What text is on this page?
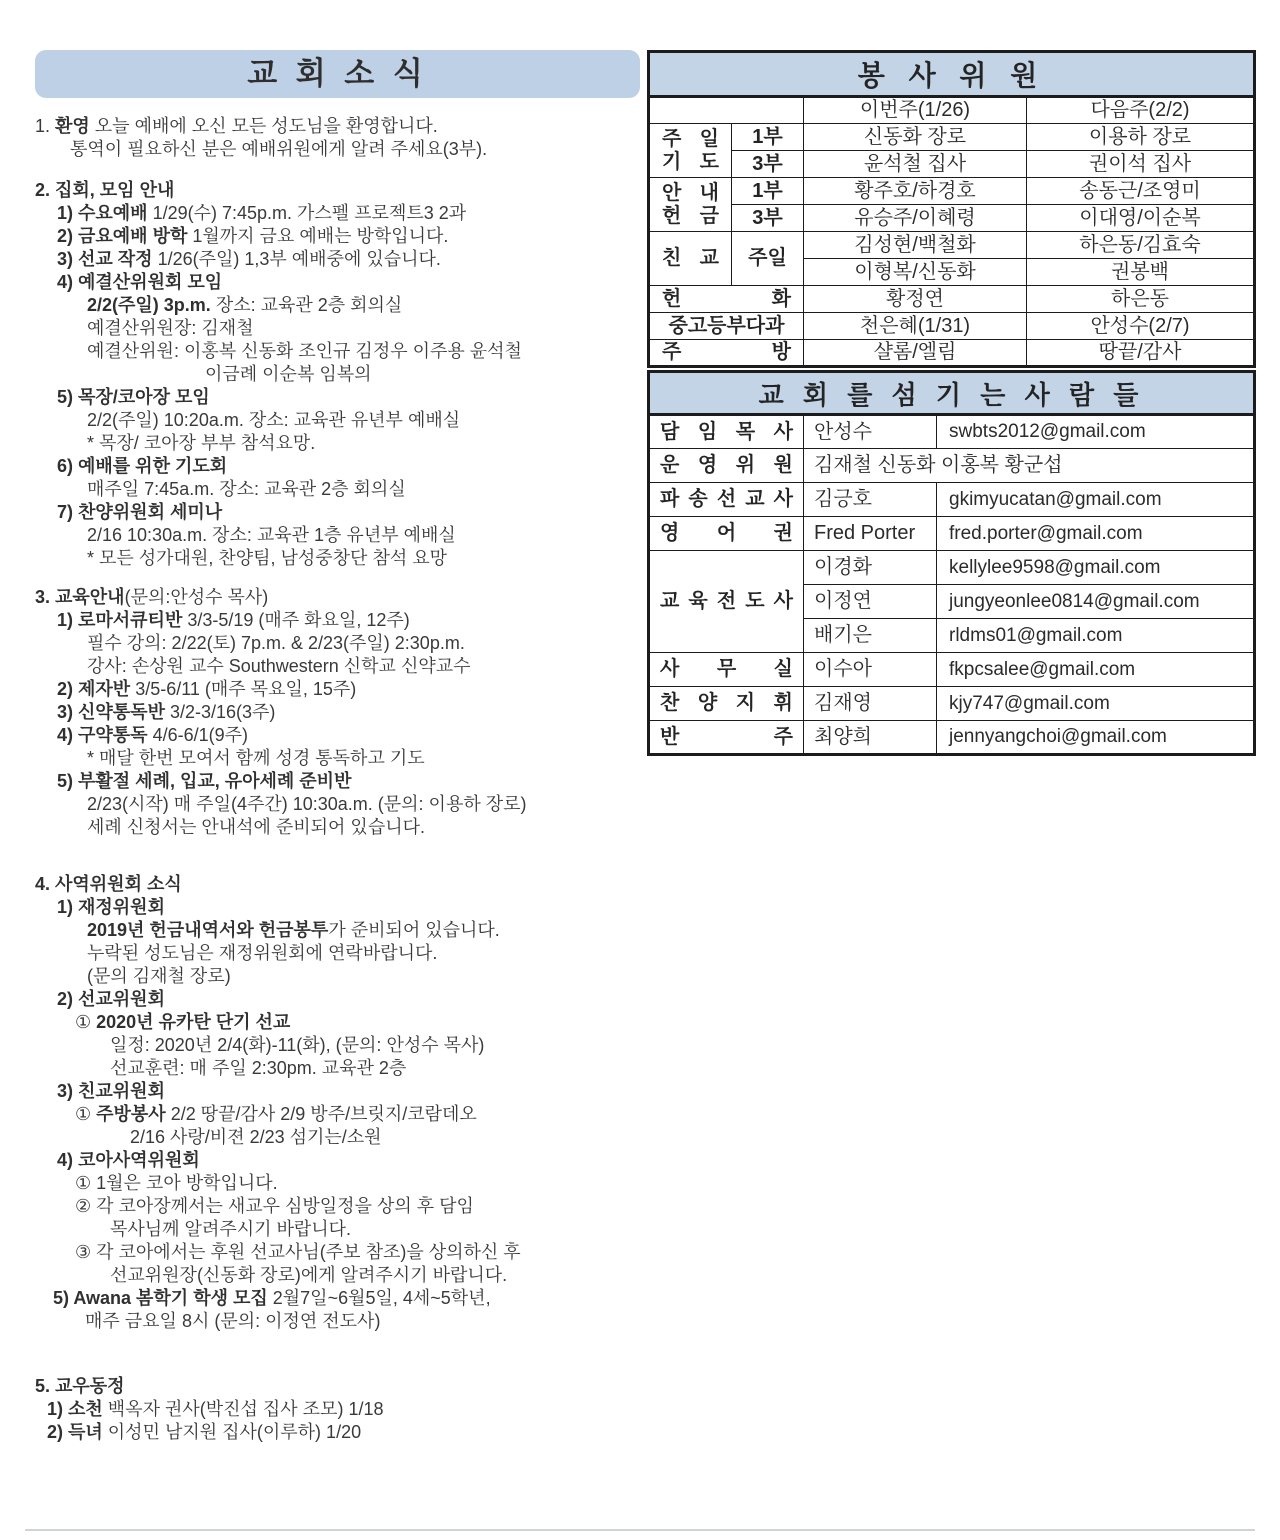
교 회 소 식
1. 환영 오늘 예배에 오신 모든 성도님을 환영합니다.
통역이 필요하신 분은 예배위원에게 알려 주세요(3부).
2. 집회, 모임 안내
1) 수요예배 1/29(수) 7:45p.m. 가스펠 프로젝트3 2과
2) 금요예배 방학 1월까지 금요 예배는 방학입니다.
3) 선교 작정 1/26(주일) 1,3부 예배중에 있습니다.
4) 예결산위원회 모임
2/2(주일) 3p.m. 장소: 교육관 2층 회의실
예결산위원장: 김재철
예결산위원: 이홍복 신동화 조인규 김정우 이주용 윤석철
이금례 이순복 임복의
5) 목장/코아장 모임
2/2(주일) 10:20a.m. 장소: 교육관 유년부 예배실
* 목장/ 코아장 부부 참석요망.
6) 예배를 위한 기도회
매주일 7:45a.m. 장소: 교육관 2층 회의실
7) 찬양위원회 세미나
2/16 10:30a.m. 장소: 교육관 1층 유년부 예배실
* 모든 성가대원, 찬양팀, 남성중창단 참석 요망
3. 교육안내(문의:안성수 목사)
1) 로마서큐티반 3/3-5/19 (매주 화요일, 12주)
필수 강의: 2/22(토) 7p.m. & 2/23(주일) 2:30p.m.
강사: 손상원 교수 Southwestern 신학교 신약교수
2) 제자반 3/5-6/11 (매주 목요일, 15주)
3) 신약통독반 3/2-3/16(3주)
4) 구약통독 4/6-6/1(9주)
* 매달 한번 모여서 함께 성경 통독하고 기도
5) 부활절 세례, 입교, 유아세례 준비반
2/23(시작) 매 주일(4주간) 10:30a.m. (문의: 이용하 장로)
세례 신청서는 안내석에 준비되어 있습니다.
4. 사역위원회 소식
1) 재정위원회
2019년 헌금내역서와 헌금봉투가 준비되어 있습니다.
누락된 성도님은 재정위원회에 연락바랍니다.
(문의 김재철 장로)
2) 선교위원회
① 2020년 유카탄 단기 선교
일정: 2020년 2/4(화)-11(화), (문의: 안성수 목사)
선교훈련: 매 주일 2:30pm. 교육관 2층
3) 친교위원회
① 주방봉사 2/2 땅끝/감사 2/9 방주/브릿지/코람데오
2/16 사랑/비젼 2/23 섬기는/소원
4) 코아사역위원회
① 1월은 코아 방학입니다.
② 각 코아장께서는 새교우 심방일정을 상의 후 담임
목사님께 알려주시기 바랍니다.
③ 각 코아에서는 후원 선교사님(주보 참조)을 상의하신 후
선교위원장(신동화 장로)에게 알려주시기 바랍니다.
5) Awana 봄학기 학생 모집 2월7일~6월5일, 4세~5학년,
매주 금요일 8시 (문의: 이정연 전도사)
5. 교우동정
1) 소천 백옥자 권사(박진섭 집사 조모) 1/18
2) 득녀 이성민 남지원 집사(이루하) 1/20
봉 사 위 원			
		이번주(1/26)	다음주(2/2)

주 일
기 도	1부	신동화 장로	이용하 장로
	3부	윤석철 집사	권이석 집사

안 내
헌 금	1부	황주호/하경호	송동근/조영미
	3부	유승주/이혜령	이대영/이순복
친 교	주일	김성현/백철화	하은동/김효숙
		이형복/신동화	권봉백
헌 화		황정연	하은동
중고등부다과		천은혜(1/31)	안성수(2/7)
주 방		샬롬/엘림	땅끝/감사
교 회 를 섬 기 는 사 람 들		
담 임 목 사	안성수	swbts2012@gmail.com
운 영 위 원	김재철 신동화 이홍복 황군섭	
파 송 선 교 사	김긍호	gkimyucatan@gmail.com
영 어 권	Fred Porter	fred.porter@gmail.com
교 육 전 도 사	이경화	kellylee9598@gmail.com
	이정연	jungyeonlee0814@gmail.com
	배기은	rldms01@gmail.com
사 무 실	이수아	fkpcsalee@gmail.com
찬 양 지 휘	김재영	kjy747@gmail.com
반 주	최양희	jennyangchoi@gmail.com
